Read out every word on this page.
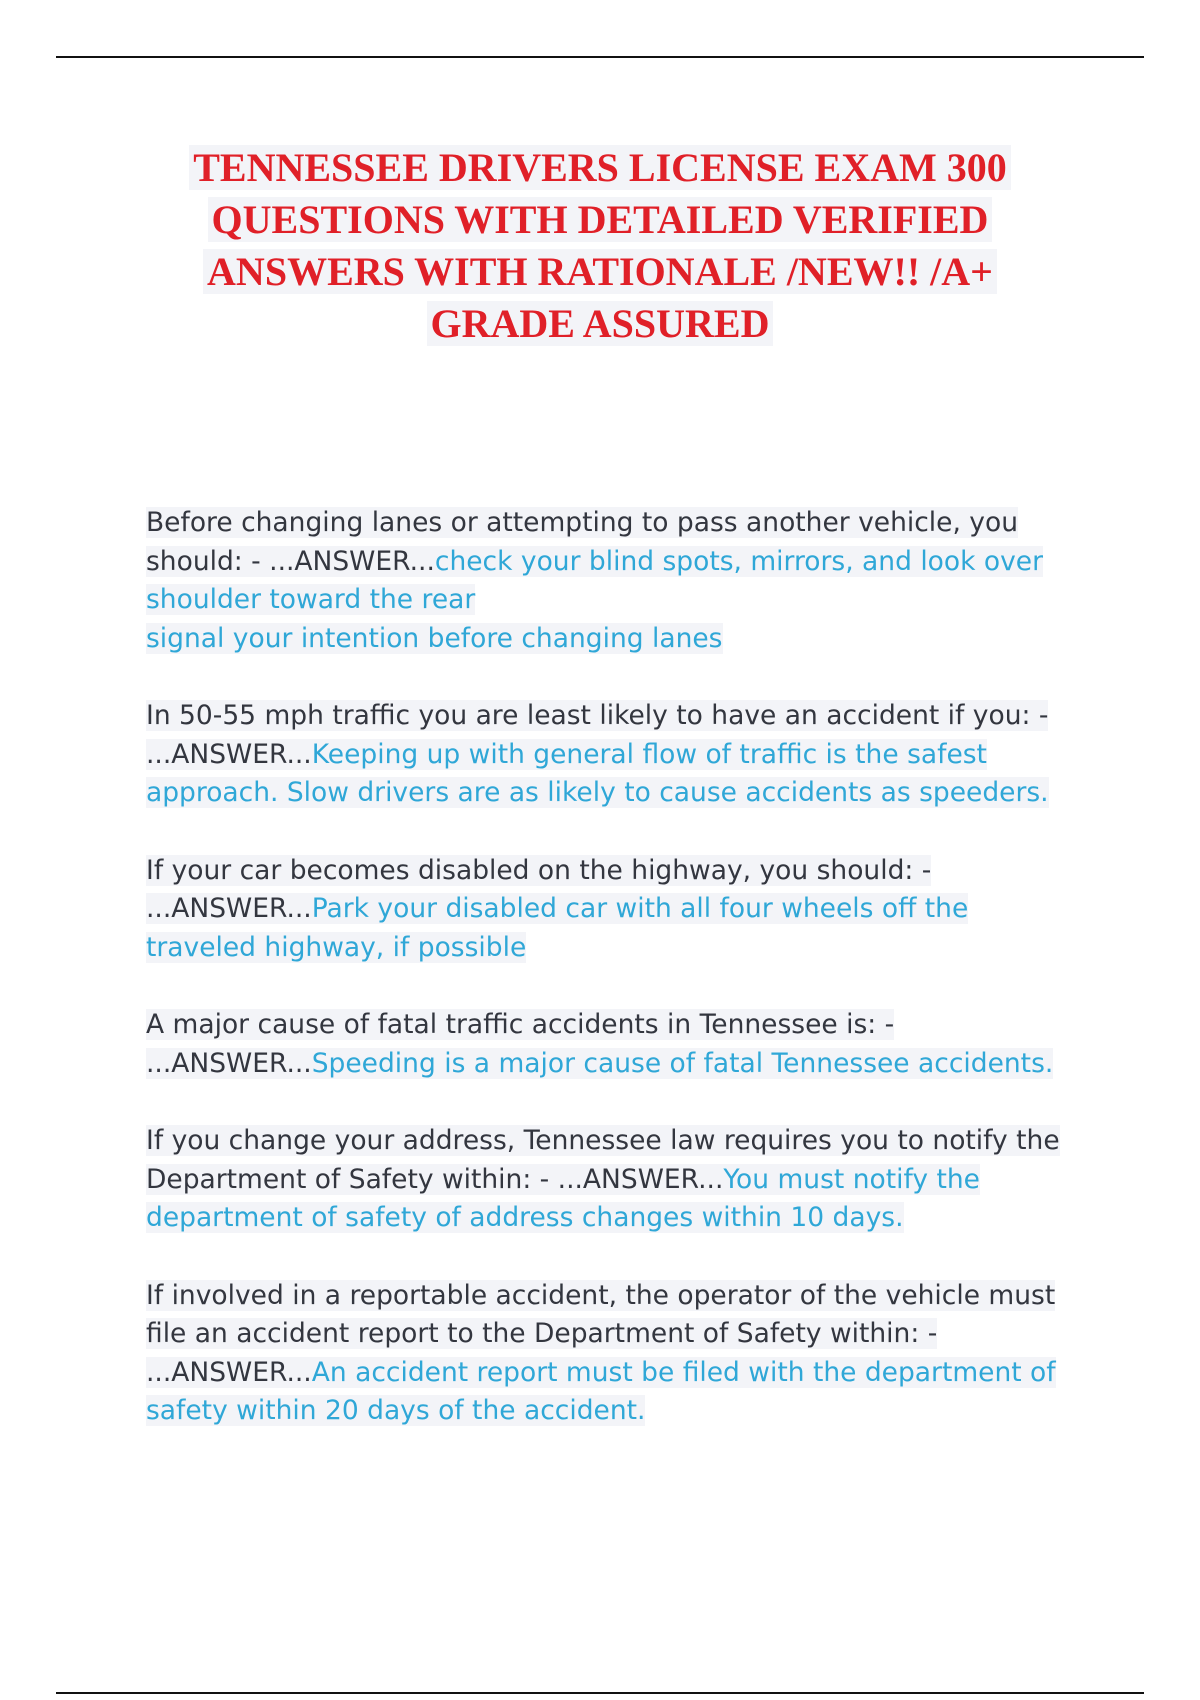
TENNESSEE DRIVERS LICENSE EXAM 300 QUESTIONS WITH DETAILED VERIFIED ANSWERS WITH RATIONALE /NEW!! /A+ GRADE ASSURED

Before changing lanes or attempting to pass another vehicle, you should: - ...ANSWER...check your blind spots, mirrors, and look over shoulder toward the rear
signal your intention before changing lanes

In 50-55 mph traffic you are least likely to have an accident if you: - ...ANSWER...Keeping up with general flow of traffic is the safest approach. Slow drivers are as likely to cause accidents as speeders.

If your car becomes disabled on the highway, you should: - ...ANSWER...Park your disabled car with all four wheels off the traveled highway, if possible

A major cause of fatal traffic accidents in Tennessee is: - ...ANSWER...Speeding is a major cause of fatal Tennessee accidents.

If you change your address, Tennessee law requires you to notify the Department of Safety within: - ...ANSWER...You must notify the department of safety of address changes within 10 days.

If involved in a reportable accident, the operator of the vehicle must file an accident report to the Department of Safety within: - ...ANSWER...An accident report must be filed with the department of safety within 20 days of the accident.
